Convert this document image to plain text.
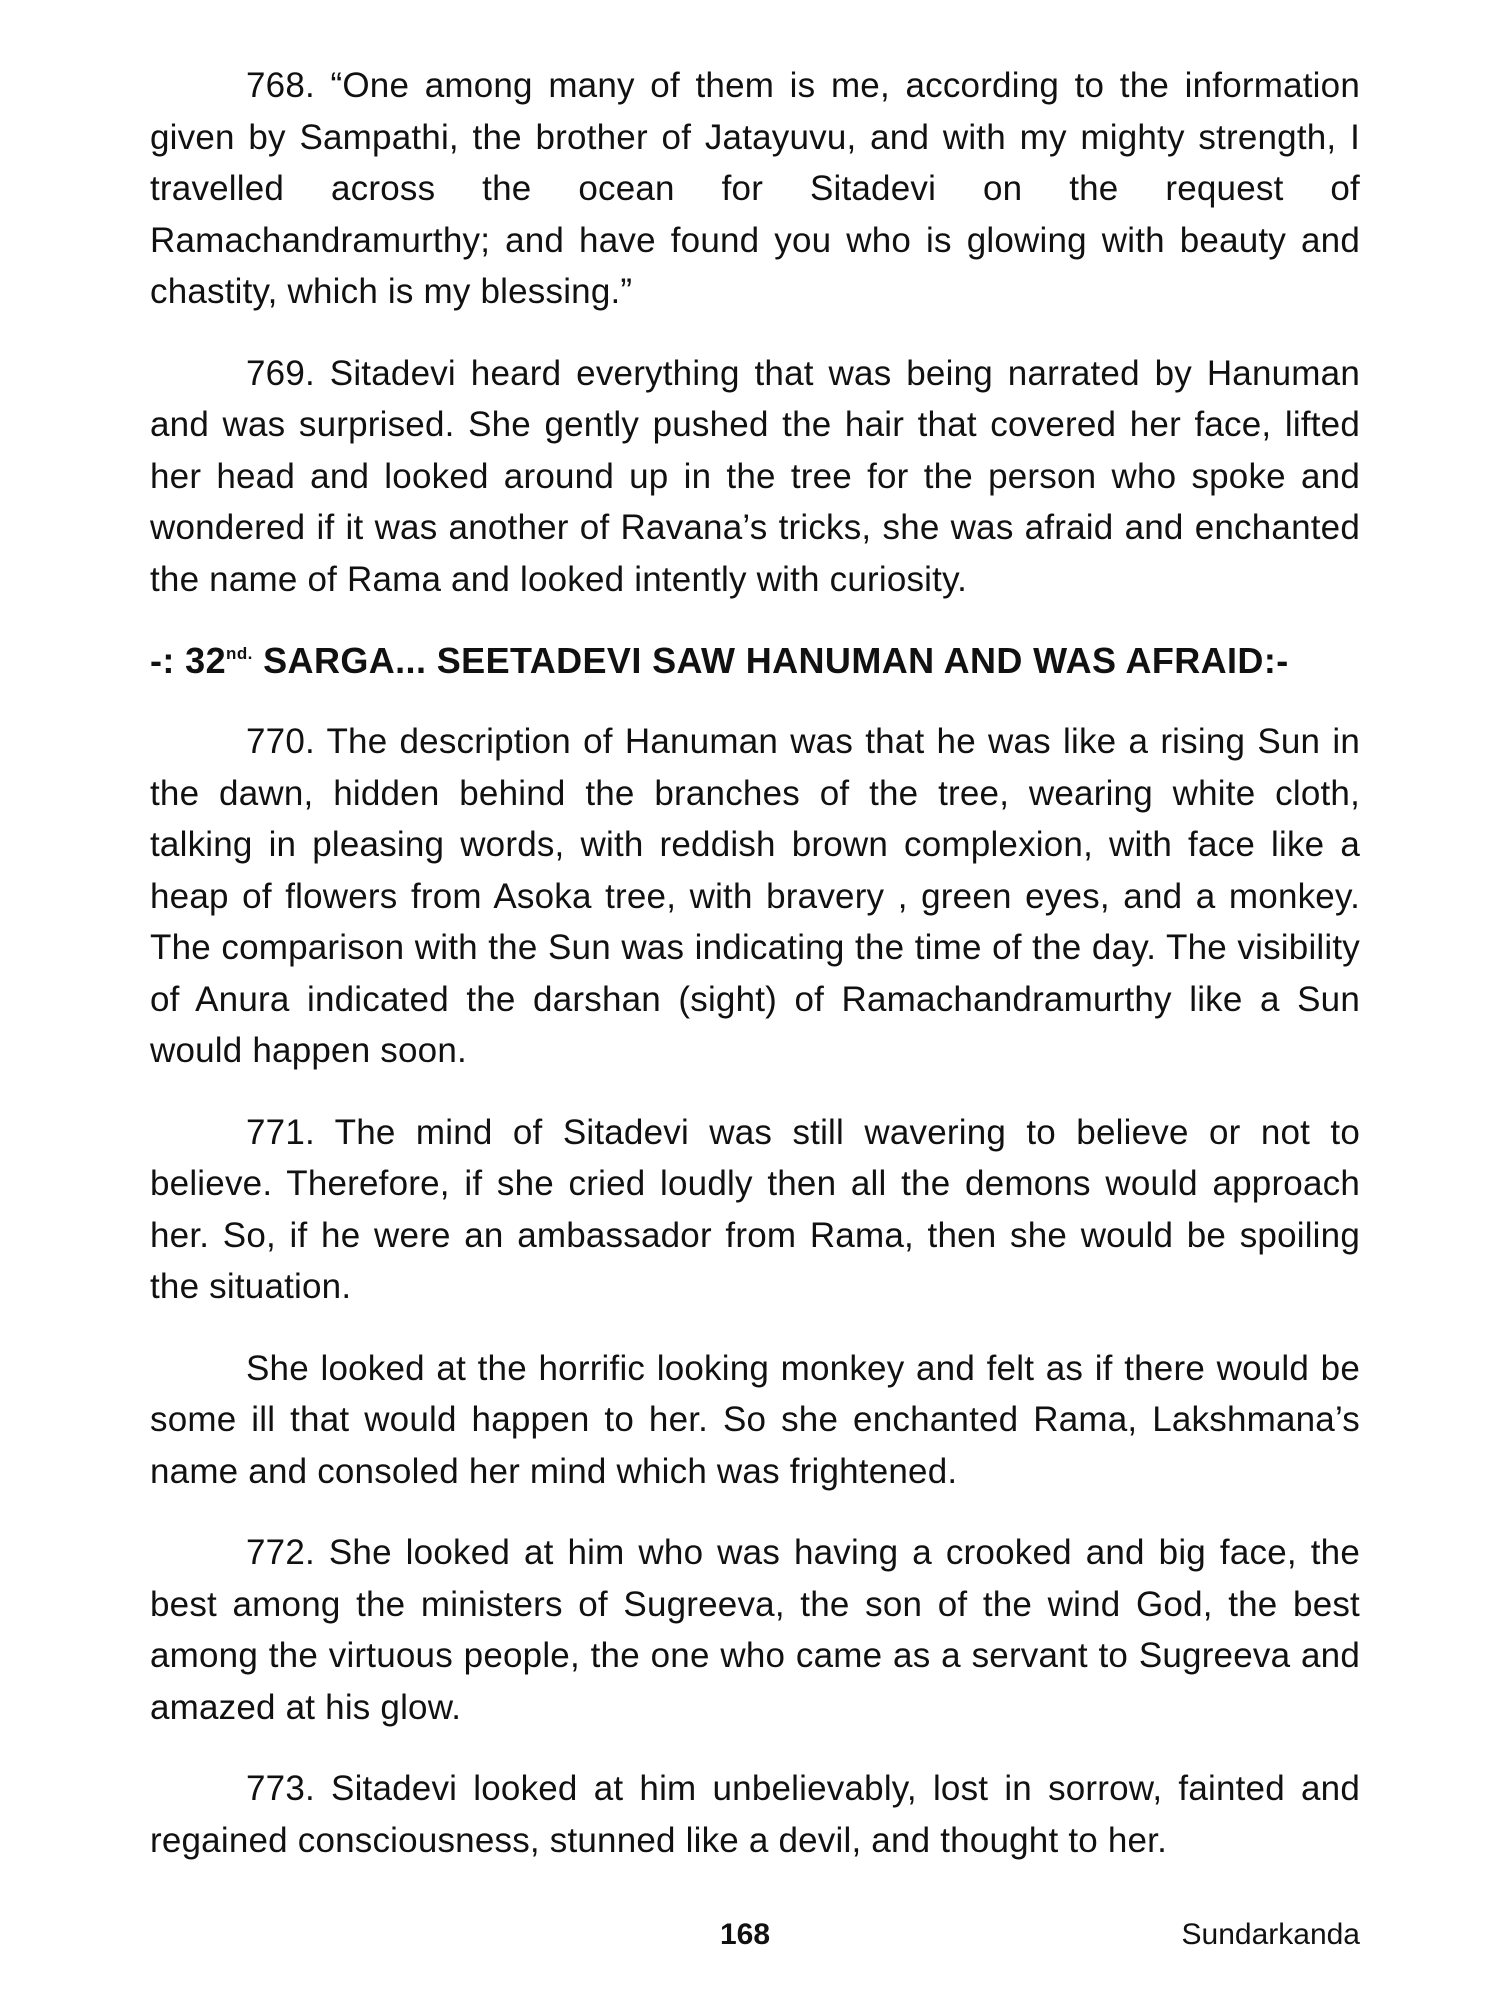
768. “One among many of them is me, according to the information given by Sampathi, the brother of Jatayuvu, and with my mighty strength, I travelled across the ocean for Sitadevi on the request of Ramachandramurthy; and have found you who is glowing with beauty and chastity, which is my blessing.”

769. Sitadevi heard everything that was being narrated by Hanuman and was surprised. She gently pushed the hair that covered her face, lifted her head and looked around up in the tree for the person who spoke and wondered if it was another of Ravana’s tricks, she was afraid and enchanted the name of Rama and looked intently with curiosity.

-: $32^{nd.}$ SARGA... SEETADEVI SAW HANUMAN AND WAS AFRAID:-

770. The description of Hanuman was that he was like a rising Sun in the dawn, hidden behind the branches of the tree, wearing white cloth, talking in pleasing words, with reddish brown complexion, with face like a heap of flowers from Asoka tree, with bravery , green eyes, and a monkey. The comparison with the Sun was indicating the time of the day. The visibility of Anura indicated the darshan (sight) of Ramachandramurthy like a Sun would happen soon.

771. The mind of Sitadevi was still wavering to believe or not to believe. Therefore, if she cried loudly then all the demons would approach her. So, if he were an ambassador from Rama, then she would be spoiling the situation.

She looked at the horrific looking monkey and felt as if there would be some ill that would happen to her. So she enchanted Rama, Lakshmana’s name and consoled her mind which was frightened.

772. She looked at him who was having a crooked and big face, the best among the ministers of Sugreeva, the son of the wind God, the best among the virtuous people, the one who came as a servant to Sugreeva and amazed at his glow.

773. Sitadevi looked at him unbelievably, lost in sorrow, fainted and regained consciousness, stunned like a devil, and thought to her.

168	Sundarkanda
